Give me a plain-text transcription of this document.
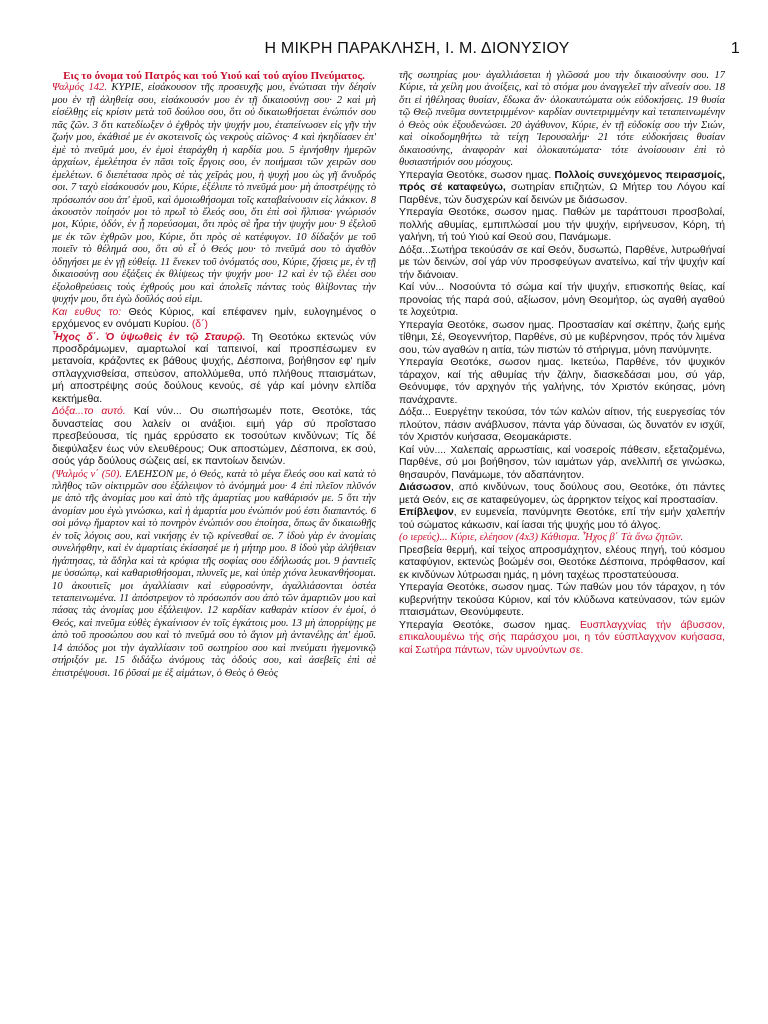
Η ΜΙΚΡΗ ΠΑΡΑΚΛΗΣΗ, Ι. Μ. ΔΙΟΝΥΣΙΟΥ	1

Εις το όνομα τού Πατρός και τού Υιού καί τού αγίου Πνεύματος.

Ψαλμός 142. ΚΥΡΙΕ, εἰσάκουσον τῆς προσευχῆς μου, ἐνώτισαι τὴν δέησίν μου ἐν τῇ ἀληθείᾳ σου, εἰσάκουσόν μου ἐν τῇ δικαιοσύνῃ σου· 2 καὶ μὴ εἰσέλθῃς εἰς κρίσιν μετὰ τοῦ δούλου σου, ὅτι οὐ δικαιωθήσεται ἐνώπιόν σου πᾶς ζῶν. 3 ὅτι κατεδίωξεν ὁ ἐχθρὸς τὴν ψυχήν μου, ἐταπείνωσεν εἰς γῆν τὴν ζωήν μου, ἐκάθισέ με ἐν σκοτεινοῖς ὡς νεκροὺς αἰῶνος· 4 καὶ ἠκηδίασεν ἐπ' ἐμὲ τὸ πνεῦμά μου, ἐν ἐμοὶ ἐταράχθη ἡ καρδία μου. 5 ἐμνήσθην ἡμερῶν ἀρχαίων, ἐμελέτησα ἐν πᾶσι τοῖς ἔργοις σου, ἐν ποιήμασι τῶν χειρῶν σου ἐμελέτων. 6 διεπέτασα πρὸς σὲ τὰς χεῖράς μου, ἡ ψυχή μου ὡς γῆ ἄνυδρός σοι. 7 ταχὺ εἰσάκουσόν μου, Κύριε, ἐξέλιπε τὸ πνεῦμά μου· μὴ ἀποστρέψῃς τὸ πρόσωπόν σου ἀπ' ἐμοῦ, καὶ ὁμοιωθήσομαι τοῖς καταβαίνουσιν εἰς λάκκον. 8 ἀκουστὸν ποίησόν μοι τὸ πρωῒ τὸ ἔλεός σου, ὅτι ἐπὶ σοὶ ἤλπισα· γνώρισόν μοι, Κύριε, ὁδόν, ἐν ᾗ πορεύσομαι, ὅτι πρὸς σὲ ἦρα τὴν ψυχήν μου· 9 ἐξελοῦ με ἐκ τῶν ἐχθρῶν μου, Κύριε, ὅτι πρὸς σὲ κατέφυγον. 10 δίδαξόν με τοῦ ποιεῖν τὸ θέλημά σου, ὅτι σὺ εἶ ὁ Θεός μου· τὸ πνεῦμά σου τὸ ἀγαθὸν ὁδηγήσει με ἐν γῇ εὐθείᾳ. 11 ἕνεκεν τοῦ ὀνόματός σου, Κύριε, ζήσεις με, ἐν τῇ δικαιοσύνῃ σου ἐξάξεις ἐκ θλίψεως τὴν ψυχήν μου· 12 καὶ ἐν τῷ ἐλέει σου ἐξολοθρεύσεις τοὺς ἐχθρούς μου καὶ ἀπολεῖς πάντας τοὺς θλίβοντας τὴν ψυχήν μου, ὅτι ἐγὼ δοῦλός σού εἰμι.

Και ευθυς το: Θεός Κύριος, καί επέφανεν ημίν, ευλογημένος ο ερχόμενος εν ονόματι Κυρίου. (δ΄)

Ἦχος δ΄. Ὁ ὑψωθεὶς ἐν τῷ Σταυρῷ. Τη Θεοτόκω εκτενώς νύν προσδράμωμεν, αμαρτωλοί καί ταπεινοί, καί προσπέσωμεν εν μετανοία, κράζοντες εκ βάθους ψυχής, Δέσποινα, βοήθησον εφ' ημίν σπλαγχνισθείσα, σπεύσον, απολλύμεθα, υπό πλήθους πταισμάτων, μή αποστρέψης σούς δούλους κενούς, σέ γάρ καί μόνην ελπίδα κεκτήμεθα.

Δόξα...το αυτό. Καί νύν... Ου σιωπήσωμέν ποτε, Θεοτόκε, τάς δυναστείας σου λαλείν οι ανάξιοι. ειμή γάρ σύ προΐστασο πρεσβεύουσα, τίς ημάς ερρύσατο εκ τοσούτων κινδύνων; Τίς δέ διεφύλαξεν έως νύν ελευθέρους; Ουκ αποστώμεν, Δέσποινα, εκ σού, σούς γάρ δούλους σώζεις αεί, εκ παντοίων δεινών.

(Ψαλμός ν΄ (50). ΕΛΕΗΣΟΝ με, ὁ Θεός, κατὰ τὸ μέγα ἔλεός σου καὶ κατὰ τὸ πλῆθος τῶν οἰκτιρμῶν σου ἐξάλειψον τὸ ἀνόμημά μου· 4 ἐπὶ πλεῖον πλῦνόν με ἀπὸ τῆς ἀνομίας μου καὶ ἀπὸ τῆς ἁμαρτίας μου καθάρισόν με. 5 ὅτι τὴν ἀνομίαν μου ἐγὼ γινώσκω, καὶ ἡ ἁμαρτία μου ἐνώπιόν μού ἐστι διαπαντός. 6 σοὶ μόνῳ ἥμαρτον καὶ τὸ πονηρὸν ἐνώπιόν σου ἐποίησα, ὅπως ἂν δικαιωθῇς ἐν τοῖς λόγοις σου, καὶ νικήσῃς ἐν τῷ κρίνεσθαί σε. 7 ἰδοὺ γὰρ ἐν ἀνομίαις συνελήφθην, καὶ ἐν ἁμαρτίαις ἐκίσσησέ με ἡ μήτηρ μου. 8 ἰδοὺ γὰρ ἀλήθειαν ἠγάπησας, τὰ ἄδηλα καὶ τὰ κρύφια τῆς σοφίας σου ἐδήλωσάς μοι. 9 ῥαντιεῖς με ὑσσώπῳ, καὶ καθαρισθήσομαι, πλυνεῖς με, καὶ ὑπὲρ χιόνα λευκανθήσομαι. 10 ἀκουτιεῖς μοι ἀγαλλίασιν καὶ εὐφροσύνην, ἀγαλλιάσονται ὀστέα τεταπεινωμένα. 11 ἀπόστρεψον τὸ πρόσωπόν σου ἀπὸ τῶν ἁμαρτιῶν μου καὶ πάσας τὰς ἀνομίας μου ἐξάλειψον. 12 καρδίαν καθαρὰν κτίσον ἐν ἐμοί, ὁ Θεός, καὶ πνεῦμα εὐθὲς ἐγκαίνισον ἐν τοῖς ἐγκάτοις μου. 13 μὴ ἀπορρίψῃς με ἀπὸ τοῦ προσώπου σου καὶ τὸ πνεῦμά σου τὸ ἅγιον μὴ ἀντανέλῃς ἀπ' ἐμοῦ. 14 ἀπόδος μοι τὴν ἀγαλλίασιν τοῦ σωτηρίου σου καὶ πνεύματι ἡγεμονικῷ στήριξόν με. 15 διδάξω ἀνόμους τὰς ὁδούς σου, καὶ ἀσεβεῖς ἐπὶ σὲ ἐπιστρέψουσι. 16 ῥῦσαί με ἐξ αἱμάτων, ὁ Θεὸς ὁ Θεὸς

τῆς σωτηρίας μου· ἀγαλλιάσεται ἡ γλῶσσά μου τὴν δικαιοσύνην σου. 17 Κύριε, τὰ χείλη μου ἀνοίξεις, καὶ τὸ στόμα μου ἀναγγελεῖ τὴν αἴνεσίν σου. 18 ὅτι εἰ ἠθέλησας θυσίαν, ἔδωκα ἄν· ὁλοκαυτώματα οὐκ εὐδοκήσεις. 19 θυσία τῷ Θεῷ πνεῦμα συντετριμμένον· καρδίαν συντετριμμένην καὶ τεταπεινωμένην ὁ Θεὸς οὐκ ἐξουδενώσει. 20 ἀγάθυνον, Κύριε, ἐν τῇ εὐδοκίᾳ σου τὴν Σιών, καὶ οἰκοδομηθήτω τὰ τείχη Ἱερουσαλήμ· 21 τότε εὐδοκήσεις θυσίαν δικαιοσύνης, ἀναφορὰν καὶ ὁλοκαυτώματα· τότε ἀνοίσουσιν ἐπὶ τὸ θυσιαστήριόν σου μόσχους.

Υπεραγία Θεοτόκε, σωσον ημας. Πολλοίς συνεχόμενος πειρασμοίς, πρός σέ καταφεύγω, σωτηρίαν επιζητών, Ω Μήτερ του Λόγου καί Παρθένε, τών δυσχερών καί δεινών με διάσωσον.

Υπεραγία Θεοτόκε, σωσον ημας. Παθών με ταράττουσι προσβολαί, πολλής αθυμίας, εμπιπλώσαί μου τήν ψυχήν, ειρήνευσον, Κόρη, τή γαλήνη, τή τού Υιού καί Θεού σου, Πανάμωμε.

Δόξα...Σωτήρα τεκούσάν σε καί Θεόν, δυσωπώ, Παρθένε, λυτρωθήναί με τών δεινών, σοί γάρ νύν προσφεύγων ανατείνω, καί τήν ψυχήν καί τήν διάνοιαν.

Καί νύν... Νοσούντα τό σώμα καί τήν ψυχήν, επισκοπής θείας, καί προνοίας τής παρά σού, αξίωσον, μόνη Θεομήτορ, ώς αγαθή αγαθού τε λοχεύτρια.

Υπεραγία Θεοτόκε, σωσον ημας. Προστασίαν καί σκέπην, ζωής εμής τίθημι, Σέ, Θεογεννήτορ, Παρθένε, σύ με κυβέρνησον, πρός τόν λιμένα σου, τών αγαθών η αιτία, τών πιστών τό στήριγμα, μόνη πανύμνητε.

Υπεραγία Θεοτόκε, σωσον ημας. Ικετεύω, Παρθένε, τόν ψυχικόν τάραχον, καί τής αθυμίας τήν ζάλην, διασκεδάσαι μου, σύ γάρ, Θεόνυμφε, τόν αρχηγόν τής γαλήνης, τόν Χριστόν εκύησας, μόνη πανάχραντε.

Δόξα... Ευεργέτην τεκούσα, τόν τών καλών αίτιον, τής ευεργεσίας τόν πλούτον, πάσιν ανάβλυσον, πάντα γάρ δύνασαι, ώς δυνατόν εν ισχύϊ, τόν Χριστόν κυήσασα, Θεομακάριστε.

Καί νύν.... Χαλεπαίς αρρωστίαις, καί νοσεροίς πάθεσιν, εξεταζομένω, Παρθένε, σύ μοι βοήθησον, τών ιαμάτων γάρ, ανελλιπή σε γινώσκω, θησαυρόν, Πανάμωμε, τόν αδαπάνητον.

Διάσωσον, από κινδύνων, τους δούλους σου, Θεοτόκε, ότι πάντες μετά Θεόν, εις σε καταφεύγομεν, ώς άρρηκτον τείχος καί προστασίαν.

Επίβλεψον, εν ευμενεία, πανύμνητε Θεοτόκε, επί τήν εμήν χαλεπήν τού σώματος κάκωσιν, καί ίασαι τής ψυχής μου τό άλγος.

(ο ιερεύς)... Κύριε, ελέησον (4x3) Κάθισμα. Ἦχος β΄ Τὰ ἄνω ζητῶν.

Πρεσβεία θερμή, καί τείχος απροσμάχητον, ελέους πηγή, τού κόσμου καταφύγιον, εκτενώς βοώμέν σοι, Θεοτόκε Δέσποινα, πρόφθασον, καί εκ κινδύνων λύτρωσαι ημάς, η μόνη ταχέως προστατεύουσα.

Υπεραγία Θεοτόκε, σωσον ημας. Τών παθών μου τόν τάραχον, η τόν κυβερνήτην τεκούσα Κύριον, καί τόν κλύδωνα κατεύνασον, τών εμών πταισμάτων, Θεονύμφευτε.

Υπεραγία Θεοτόκε, σωσον ημας. Ευσπλαγχνίας τήν άβυσσον, επικαλουμένω τής σής παράσχου μοι, η τόν εύσπλαγχνον κυήσασα, καί Σωτήρα πάντων, τών υμνούντων σε.
